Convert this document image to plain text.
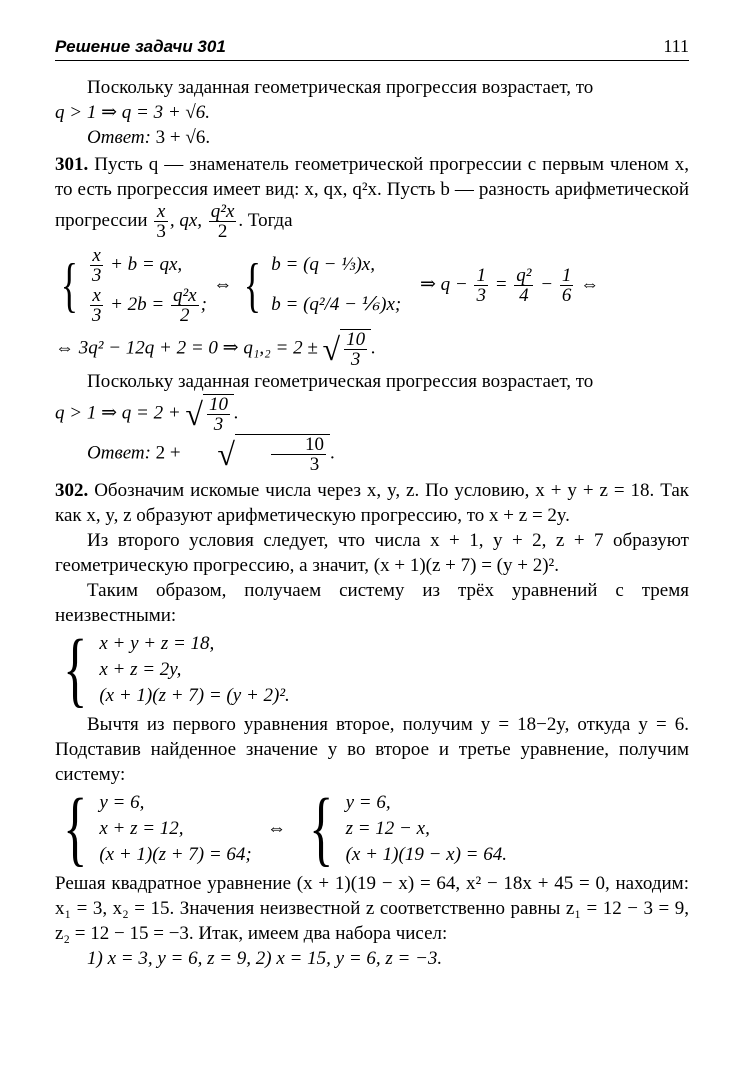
Решение задачи 301	111

Поскольку заданная геометрическая прогрессия возрастает, то

q > 1 ⇒ q = 3 + √6.

Ответ: 3 + √6.

301. Пусть q — знаменатель геометрической прогрессии с первым членом x, то есть прогрессия имеет вид: x, qx, q²x. Пусть b — разность арифметической прогрессии $\frac{x}{3}$ , qx, $\frac{\text{q²x}}{2}$ . Тогда

{ $\frac{x}{3} + b$ = qx,
$\frac{x}{3} + 2b = \frac{\text{q²x}}{2}$ ;
⇔ { b = (q − ⅓)x,
b = (q²/4 − ⅙)x;
⇒ $q - \frac{1}{3} = \frac{\text{q²}}{4} - \frac{1}{6}$ ⇔

⇔ 3q² − 12q + 2 = 0 ⇒ q₁,₂ = 2 ± √ $\frac{10}{3}$ .

Поскольку заданная геометрическая прогрессия возрастает, то

q > 1 ⇒ q = 2 + √ $\frac{10}{3}$ .

Ответ: 2 + √ $\frac{10}{3}$ .

302. Обозначим искомые числа через x, y, z. По условию, x + y + z = 18. Так как x, y, z образуют арифметическую прогрессию, то x + z = 2y.

Из второго условия следует, что числа x + 1, y + 2, z + 7 образуют геометрическую прогрессию, а значит, (x + 1)(z + 7) = (y + 2)².

Таким образом, получаем систему из трёх уравнений с тремя неизвестными:

{ x + y + z = 18,
x + z = 2y,
(x + 1)(z + 7) = (y + 2)².

Вычтя из первого уравнения второе, получим y = 18−2y, откуда y = 6. Подставив найденное значение y во второе и третье уравнение, получим систему:

{ y = 6,
x + z = 12,
(x + 1)(z + 7) = 64;
⇔ { y = 6,
z = 12 − x,
(x + 1)(19 − x) = 64.

Решая квадратное уравнение (x + 1)(19 − x) = 64, x² − 18x + 45 = 0, находим: x₁ = 3, x₂ = 15. Значения неизвестной z соответственно равны z₁ = 12 − 3 = 9, z₂ = 12 − 15 = −3. Итак, имеем два набора чисел:

1) x = 3, y = 6, z = 9, 2) x = 15, y = 6, z = −3.
